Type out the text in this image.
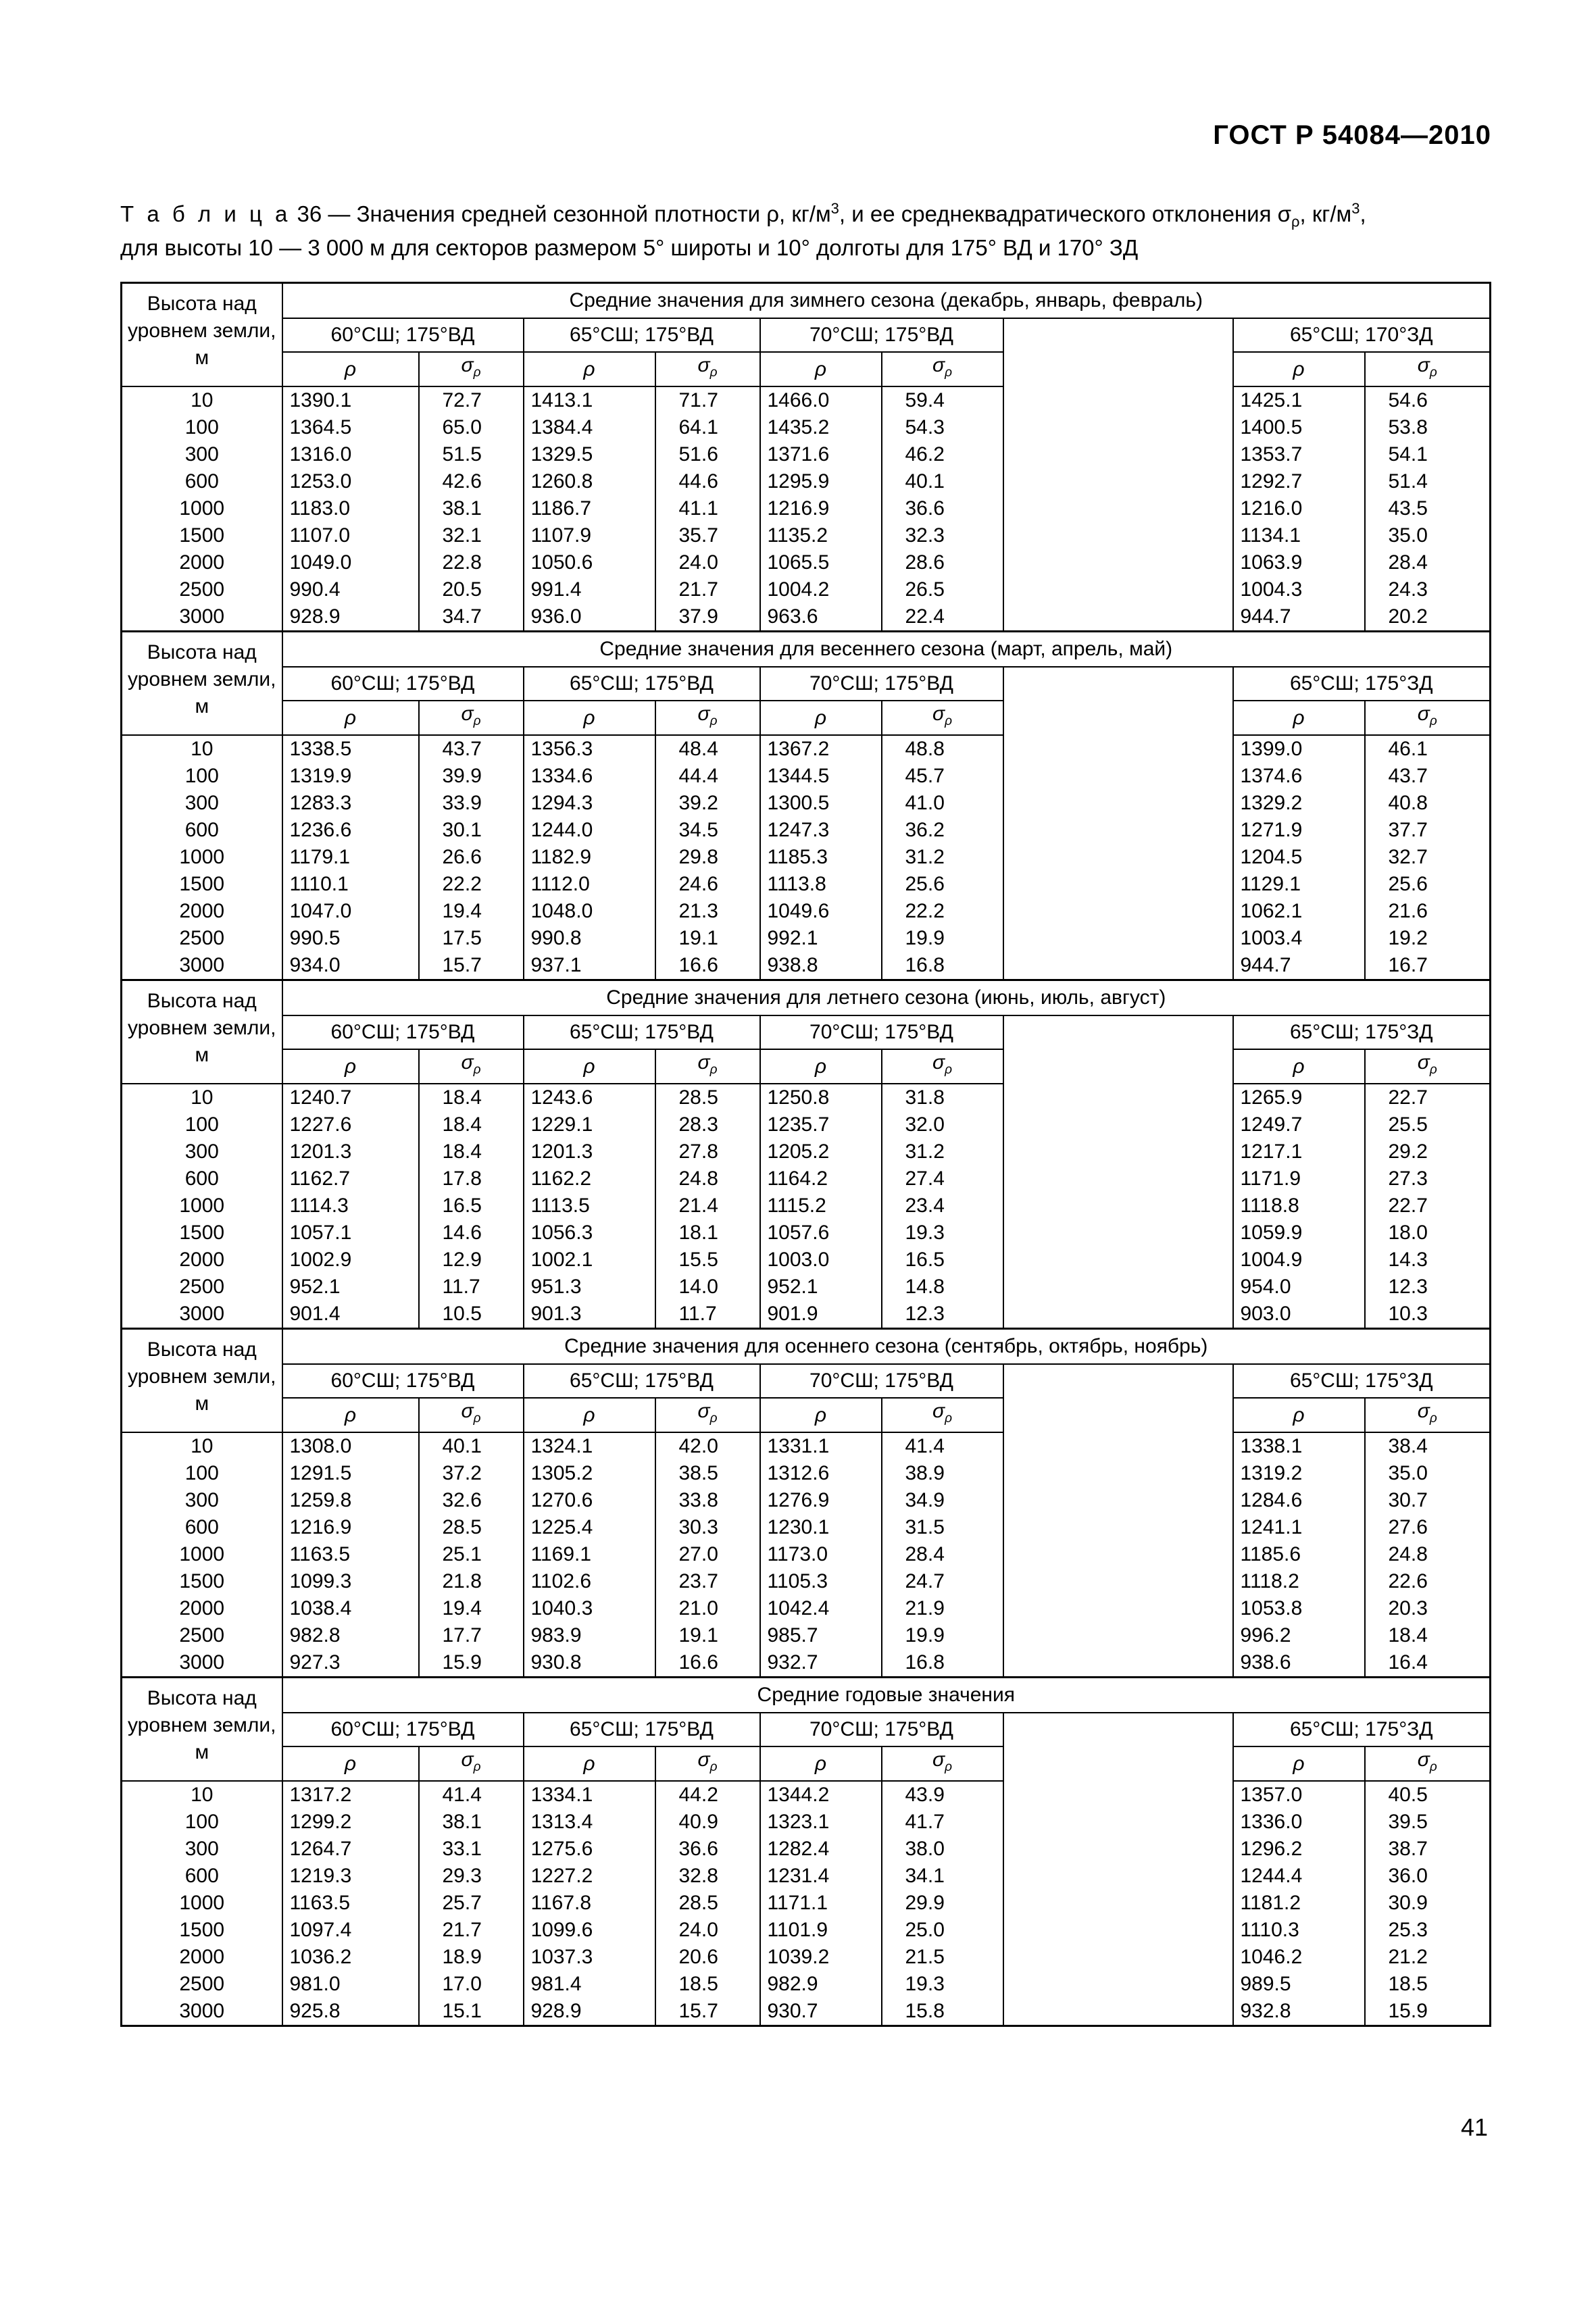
ГОСТ Р 54084—2010
Т а б л и ц а 36 — Значения средней сезонной плотности ρ, $кг/м^3$, и ее среднеквадратического отклонения $\sigma_\rho$, $кг/м^3$,
для высоты 10 — 3 000 м для секторов размером 5° широты и 10° долготы для 175° ВД и 170° ЗД
Высота над уровнем земли, м	Средние значения для зимнего сезона (декабрь, январь, февраль)								
	60°СШ; 175°ВД		65°СШ; 175°ВД		70°СШ; 175°ВД			65°СШ; 170°ЗД	
	ρ	$\sigma_\rho$	ρ	$\sigma_\rho$	ρ	$\sigma_\rho$		ρ	$\sigma_\rho$
10	1390.1	72.7	1413.1	71.7	1466.0	59.4		1425.1	54.6
100	1364.5	65.0	1384.4	64.1	1435.2	54.3		1400.5	53.8
300	1316.0	51.5	1329.5	51.6	1371.6	46.2		1353.7	54.1
600	1253.0	42.6	1260.8	44.6	1295.9	40.1		1292.7	51.4
1000	1183.0	38.1	1186.7	41.1	1216.9	36.6		1216.0	43.5
1500	1107.0	32.1	1107.9	35.7	1135.2	32.3		1134.1	35.0
2000	1049.0	22.8	1050.6	24.0	1065.5	28.6		1063.9	28.4
2500	990.4	20.5	991.4	21.7	1004.2	26.5		1004.3	24.3
3000	928.9	34.7	936.0	37.9	963.6	22.4		944.7	20.2
Высота над уровнем земли, м	Средние значения для весеннего сезона (март, апрель, май)								
	60°СШ; 175°ВД		65°СШ; 175°ВД		70°СШ; 175°ВД			65°СШ; 175°ЗД	
	ρ	$\sigma_\rho$	ρ	$\sigma_\rho$	ρ	$\sigma_\rho$		ρ	$\sigma_\rho$
10	1338.5	43.7	1356.3	48.4	1367.2	48.8		1399.0	46.1
100	1319.9	39.9	1334.6	44.4	1344.5	45.7		1374.6	43.7
300	1283.3	33.9	1294.3	39.2	1300.5	41.0		1329.2	40.8
600	1236.6	30.1	1244.0	34.5	1247.3	36.2		1271.9	37.7
1000	1179.1	26.6	1182.9	29.8	1185.3	31.2		1204.5	32.7
1500	1110.1	22.2	1112.0	24.6	1113.8	25.6		1129.1	25.6
2000	1047.0	19.4	1048.0	21.3	1049.6	22.2		1062.1	21.6
2500	990.5	17.5	990.8	19.1	992.1	19.9		1003.4	19.2
3000	934.0	15.7	937.1	16.6	938.8	16.8		944.7	16.7
Высота над уровнем земли, м	Средние значения для летнего сезона (июнь, июль, август)								
	60°СШ; 175°ВД		65°СШ; 175°ВД		70°СШ; 175°ВД			65°СШ; 175°ЗД	
	ρ	$\sigma_\rho$	ρ	$\sigma_\rho$	ρ	$\sigma_\rho$		ρ	$\sigma_\rho$
10	1240.7	18.4	1243.6	28.5	1250.8	31.8		1265.9	22.7
100	1227.6	18.4	1229.1	28.3	1235.7	32.0		1249.7	25.5
300	1201.3	18.4	1201.3	27.8	1205.2	31.2		1217.1	29.2
600	1162.7	17.8	1162.2	24.8	1164.2	27.4		1171.9	27.3
1000	1114.3	16.5	1113.5	21.4	1115.2	23.4		1118.8	22.7
1500	1057.1	14.6	1056.3	18.1	1057.6	19.3		1059.9	18.0
2000	1002.9	12.9	1002.1	15.5	1003.0	16.5		1004.9	14.3
2500	952.1	11.7	951.3	14.0	952.1	14.8		954.0	12.3
3000	901.4	10.5	901.3	11.7	901.9	12.3		903.0	10.3
Высота над уровнем земли, м	Средние значения для осеннего сезона (сентябрь, октябрь, ноябрь)								
	60°СШ; 175°ВД		65°СШ; 175°ВД		70°СШ; 175°ВД			65°СШ; 175°ЗД	
	ρ	$\sigma_\rho$	ρ	$\sigma_\rho$	ρ	$\sigma_\rho$		ρ	$\sigma_\rho$
10	1308.0	40.1	1324.1	42.0	1331.1	41.4		1338.1	38.4
100	1291.5	37.2	1305.2	38.5	1312.6	38.9		1319.2	35.0
300	1259.8	32.6	1270.6	33.8	1276.9	34.9		1284.6	30.7
600	1216.9	28.5	1225.4	30.3	1230.1	31.5		1241.1	27.6
1000	1163.5	25.1	1169.1	27.0	1173.0	28.4		1185.6	24.8
1500	1099.3	21.8	1102.6	23.7	1105.3	24.7		1118.2	22.6
2000	1038.4	19.4	1040.3	21.0	1042.4	21.9		1053.8	20.3
2500	982.8	17.7	983.9	19.1	985.7	19.9		996.2	18.4
3000	927.3	15.9	930.8	16.6	932.7	16.8		938.6	16.4
Высота над уровнем земли, м	Средние годовые значения								
	60°СШ; 175°ВД		65°СШ; 175°ВД		70°СШ; 175°ВД			65°СШ; 175°ЗД	
	ρ	$\sigma_\rho$	ρ	$\sigma_\rho$	ρ	$\sigma_\rho$		ρ	$\sigma_\rho$
10	1317.2	41.4	1334.1	44.2	1344.2	43.9		1357.0	40.5
100	1299.2	38.1	1313.4	40.9	1323.1	41.7		1336.0	39.5
300	1264.7	33.1	1275.6	36.6	1282.4	38.0		1296.2	38.7
600	1219.3	29.3	1227.2	32.8	1231.4	34.1		1244.4	36.0
1000	1163.5	25.7	1167.8	28.5	1171.1	29.9		1181.2	30.9
1500	1097.4	21.7	1099.6	24.0	1101.9	25.0		1110.3	25.3
2000	1036.2	18.9	1037.3	20.6	1039.2	21.5		1046.2	21.2
2500	981.0	17.0	981.4	18.5	982.9	19.3		989.5	18.5
3000	925.8	15.1	928.9	15.7	930.7	15.8		932.8	15.9
41
